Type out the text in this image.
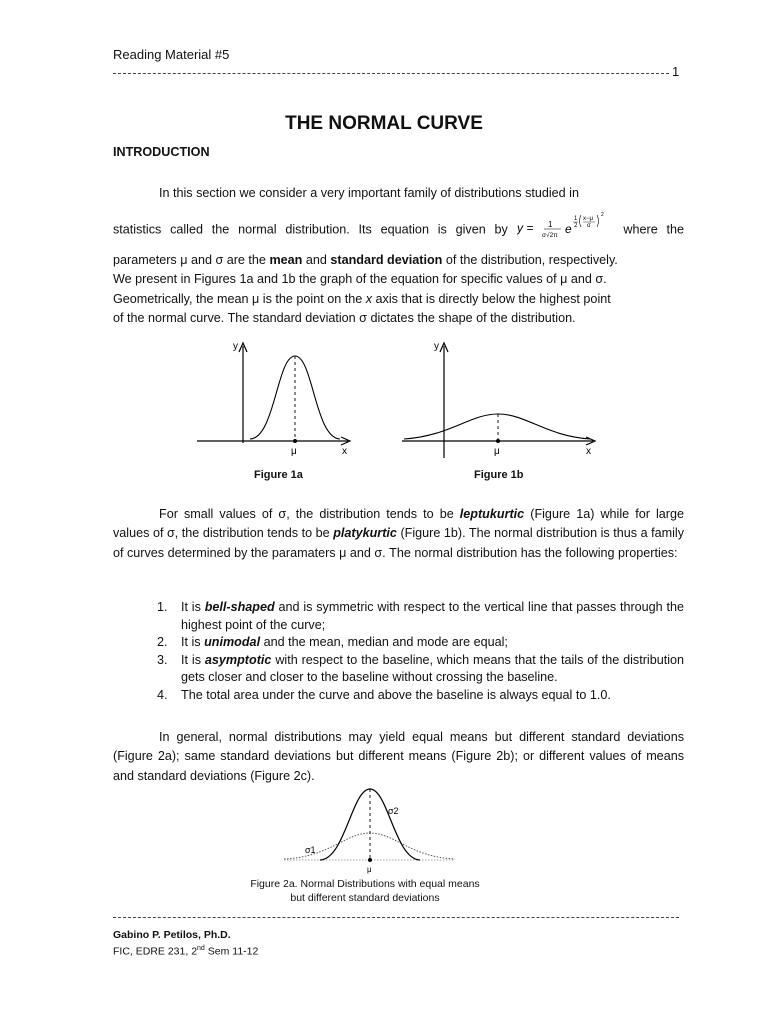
Reading Material #5
1
THE NORMAL CURVE
INTRODUCTION

In this section we consider a very important family of distributions studied in

statistics called the normal distribution. Its equation is given by y = 1
σ√2π e
1
2
x−μ
σ
2
where the

parameters μ and σ are the mean and standard deviation of the distribution, respectively.

We present in Figures 1a and 1b the graph of the equation for specific values of μ and σ.

Geometrically, the mean μ is the point on the x axis that is directly below the highest point

of the normal curve. The standard deviation σ dictates the shape of the distribution.

y
x
μ
Figure 1a
y
x
μ
Figure 1b

For small values of σ, the distribution tends to be leptukurtic (Figure 1a) while for large values of σ, the distribution tends to be platykurtic (Figure 1b). The normal distribution is thus a family of curves determined by the paramaters μ and σ. The normal distribution has the following properties:

1. It is bell-shaped and is symmetric with respect to the vertical line that passes through the highest point of the curve;
2. It is unimodal and the mean, median and mode are equal;
3. It is asymptotic with respect to the baseline, which means that the tails of the distribution gets closer and closer to the baseline without crossing the baseline.
4. The total area under the curve and above the baseline is always equal to 1.0.

In general, normal distributions may yield equal means but different standard deviations (Figure 2a); same standard deviations but different means (Figure 2b); or different values of means and standard deviations (Figure 2c).

σ1
σ2
μ
Figure 2a. Normal Distributions with equal means
but different standard deviations
Gabino P. Petilos, Ph.D.
FIC, EDRE 231, 2nd Sem 11-12
